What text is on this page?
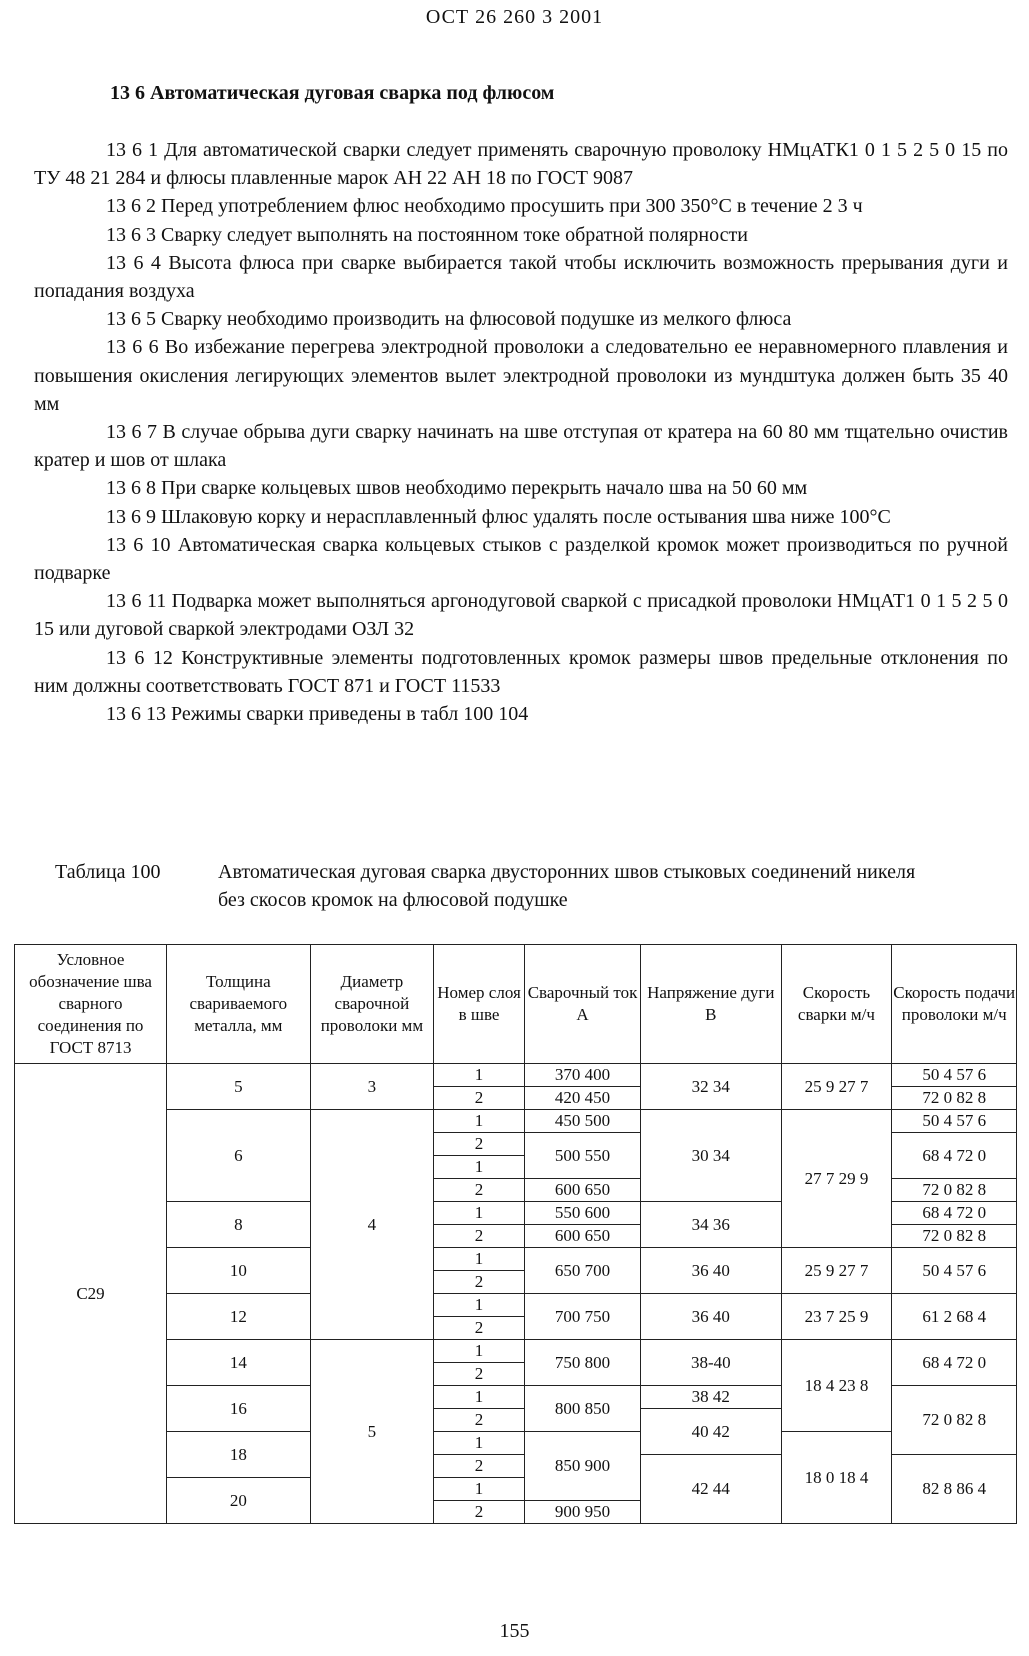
ОСТ 26 260 3 2001
13 6 Автоматическая дуговая сварка под флюсом

13 6 1 Для автоматической сварки следует применять сварочную проволоку НМцАТК1 0 1 5 2 5 0 15 по ТУ 48 21 284 и флюсы плавленные марок АН 22 АН 18 по ГОСТ 9087

13 6 2 Перед употреблением флюс необходимо просушить при 300 350°С в течение 2 3 ч

13 6 3 Сварку следует выполнять на постоянном токе обратной полярности

13 6 4 Высота флюса при сварке выбирается такой чтобы исключить возможность прерывания дуги и попадания воздуха

13 6 5 Сварку необходимо производить на флюсовой подушке из мелкого флюса

13 6 6 Во избежание перегрева электродной проволоки а следовательно ее неравномерного плавления и повышения окисления легирующих элементов вылет электродной проволоки из мундштука должен быть 35 40 мм

13 6 7 В случае обрыва дуги сварку начинать на шве отступая от кратера на 60 80 мм тщательно очистив кратер и шов от шлака

13 6 8 При сварке кольцевых швов необходимо перекрыть начало шва на 50 60 мм

13 6 9 Шлаковую корку и нерасплавленный флюс удалять после остывания шва ниже 100°С

13 6 10 Автоматическая сварка кольцевых стыков с разделкой кромок может производиться по ручной подварке

13 6 11 Подварка может выполняться аргонодуговой сваркой с присадкой проволоки НМцАТ1 0 1 5 2 5 0 15 или дуговой сваркой электродами ОЗЛ 32

13 6 12 Конструктивные элементы подготовленных кромок размеры швов предельные отклонения по ним должны соответствовать ГОСТ 871 и ГОСТ 11533

13 6 13 Режимы сварки приведены в табл 100 104

Таблица 100	Автоматическая дуговая сварка двусторонних швов стыковых соединений никеля без скосов кромок на флюсовой подушке
Условное обозначение шва сварного соединения по ГОСТ 8713	Толщина свариваемого металла, мм	Диаметр сварочной проволоки мм	Номер слоя в шве	Сварочный ток А	Напряжение дуги В	Скорость сварки м/ч	Скорость подачи проволоки м/ч
С29	5	3	1	370 400	32 34	25 9 27 7	50 4 57 6
			2	420 450			72 0 82 8
	6	4	1	450 500	30 34	27 7 29 9	50 4 57 6
			2	500 550			68 4 72 0
			1				
			2	600 650			72 0 82 8
	8		1	550 600	34 36		68 4 72 0
			2	600 650			72 0 82 8
	10		1	650 700	36 40	25 9 27 7	50 4 57 6
			2				
	12		1	700 750	36 40	23 7 25 9	61 2 68 4
			2				
	14	5	1	750 800	38-40	18 4 23 8	68 4 72 0
			2				
	16		1	800 850	38 42		72 0 82 8
			2		40 42		
	18		1	850 900		18 0 18 4	
			2		42 44		82 8 86 4
	20		1				
			2	900 950			
155
